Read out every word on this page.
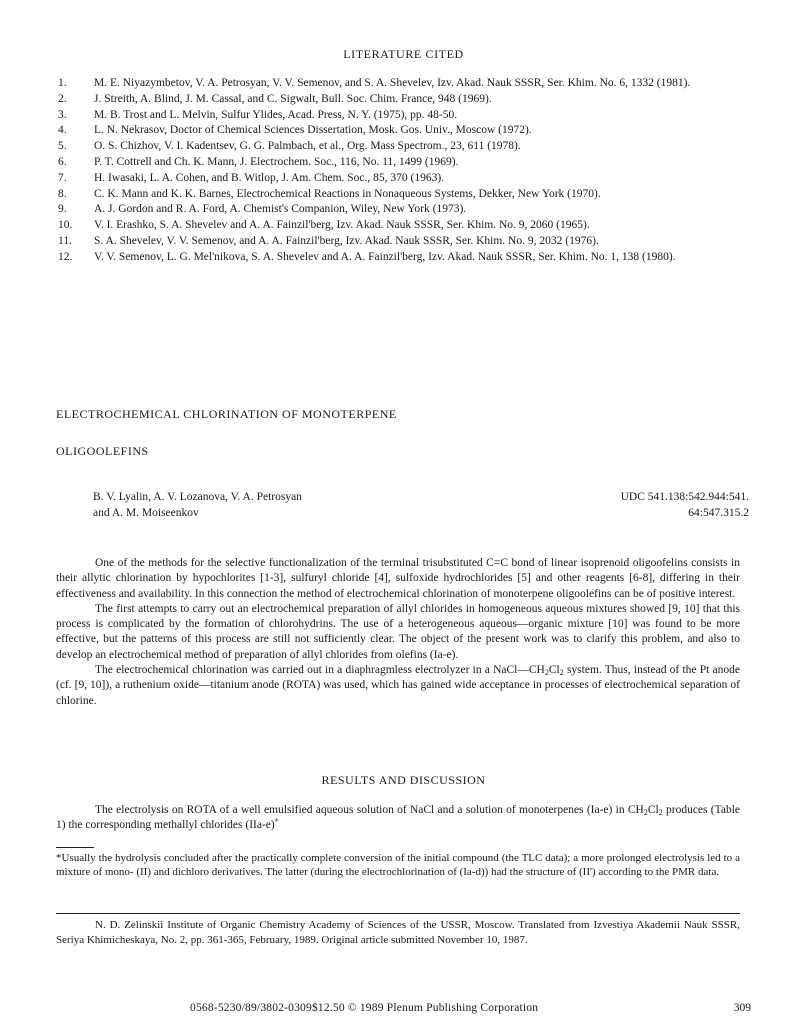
LITERATURE CITED
1.	M. E. Niyazymbetov, V. A. Petrosyan, V. V. Semenov, and S. A. Shevelev, Izv. Akad. Nauk SSSR, Ser. Khim. No. 6, 1332 (1981).
2.	J. Streith, A. Blind, J. M. Cassal, and C. Sigwalt, Bull. Soc. Chim. France, 948 (1969).
3.	M. B. Trost and L. Melvin, Sulfur Ylides, Acad. Press, N. Y. (1975), pp. 48-50.
4.	L. N. Nekrasov, Doctor of Chemical Sciences Dissertation, Mosk. Gos. Univ., Moscow (1972).
5.	O. S. Chizhov, V. I. Kadentsev, G. G. Palmbach, et al., Org. Mass Spectrom., 23, 611 (1978).
6.	P. T. Cottrell and Ch. K. Mann, J. Electrochem. Soc., 116, No. 11, 1499 (1969).
7.	H. Iwasaki, L. A. Cohen, and B. Witlop, J. Am. Chem. Soc., 85, 370 (1963).
8.	C. K. Mann and K. K. Barnes, Electrochemical Reactions in Nonaqueous Systems, Dekker, New York (1970).
9.	A. J. Gordon and R. A. Ford, A. Chemist's Companion, Wiley, New York (1973).
10.	V. I. Erashko, S. A. Shevelev and A. A. Fainzil'berg, Izv. Akad. Nauk SSSR, Ser. Khim. No. 9, 2060 (1965).
11.	S. A. Shevelev, V. V. Semenov, and A. A. Fainzil'berg, Izv. Akad. Nauk SSSR, Ser. Khim. No. 9, 2032 (1976).
12.	V. V. Semenov, L. G. Mel'nikova, S. A. Shevelev and A. A. Fainzil'berg, Izv. Akad. Nauk SSSR, Ser. Khim. No. 1, 138 (1980).
ELECTROCHEMICAL CHLORINATION OF MONOTERPENE
OLIGOOLEFINS
B. V. Lyalin, A. V. Lozanova, V. A. Petrosyan
and A. M. Moiseenkov
UDC 541.138:542.944:541.
64:547.315.2

One of the methods for the selective functionalization of the terminal trisubstituted C=C bond of linear isoprenoid oligoofelins consists in their allytic chlorination by hypochlorites [1-3], sulfuryl chloride [4], sulfoxide hydrochlorides [5] and other reagents [6-8], differing in their effectiveness and availability. In this connection the method of electrochemical chlorination of monoterpene oligoolefins can be of positive interest.

The first attempts to carry out an electrochemical preparation of allyl chlorides in homogeneous aqueous mixtures showed [9, 10] that this process is complicated by the formation of chlorohydrins. The use of a heterogeneous aqueous—organic mixture [10] was found to be more effective, but the patterns of this process are still not sufficiently clear. The object of the present work was to clarify this problem, and also to develop an electrochemical method of preparation of allyl chlorides from olefins (Ia-e).

The electrochemical chlorination was carried out in a diaphragmless electrolyzer in a $NaCl—CH_2Cl_2$ system. Thus, instead of the Pt anode (cf. [9, 10]), a ruthenium oxide—titanium anode (ROTA) was used, which has gained wide acceptance in processes of electrochemical separation of chlorine.

RESULTS AND DISCUSSION

The electrolysis on ROTA of a well emulsified aqueous solution of NaCl and a solution of monoterpenes (Ia-e) in $CH_2Cl_2$ produces (Table 1) the corresponding methallyl chlorides (IIa-e)*

*Usually the hydrolysis concluded after the practically complete conversion of the initial compound (the TLC data); a more prolonged electrolysis led to a mixture of mono- (II) and dichloro derivatives. The latter (during the electrochlorination of (Ia-d)) had the structure of (II') according to the PMR data.
N. D. Zelinskii Institute of Organic Chemistry Academy of Sciences of the USSR, Moscow. Translated from Izvestiya Akademii Nauk SSSR, Seriya Khimicheskaya, No. 2, pp. 361-365, February, 1989. Original article submitted November 10, 1987.
0568-5230/89/3802-0309$12.50 © 1989 Plenum Publishing Corporation	309
